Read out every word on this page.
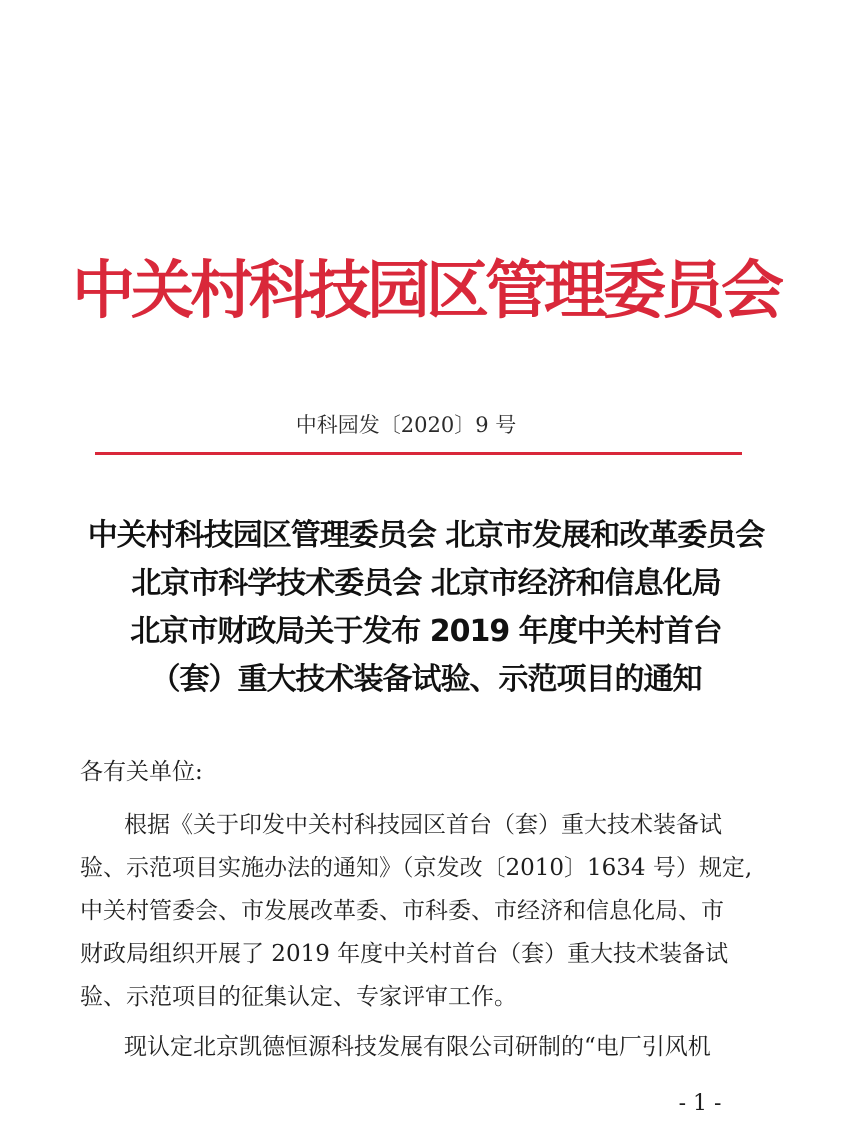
中关村科技园区管理委员会
中科园发〔2020〕9 号
中关村科技园区管理委员会 北京市发展和改革委员会
北京市科学技术委员会 北京市经济和信息化局
北京市财政局关于发布 2019 年度中关村首台
（套）重大技术装备试验、示范项目的通知
各有关单位:
根据《关于印发中关村科技园区首台（套）重大技术装备试
验、示范项目实施办法的通知》（京发改〔2010〕1634 号）规定,
中关村管委会、市发展改革委、市科委、市经济和信息化局、市
财政局组织开展了 2019 年度中关村首台（套）重大技术装备试
验、示范项目的征集认定、专家评审工作。
现认定北京凯德恒源科技发展有限公司研制的“电厂引风机
- 1 -
